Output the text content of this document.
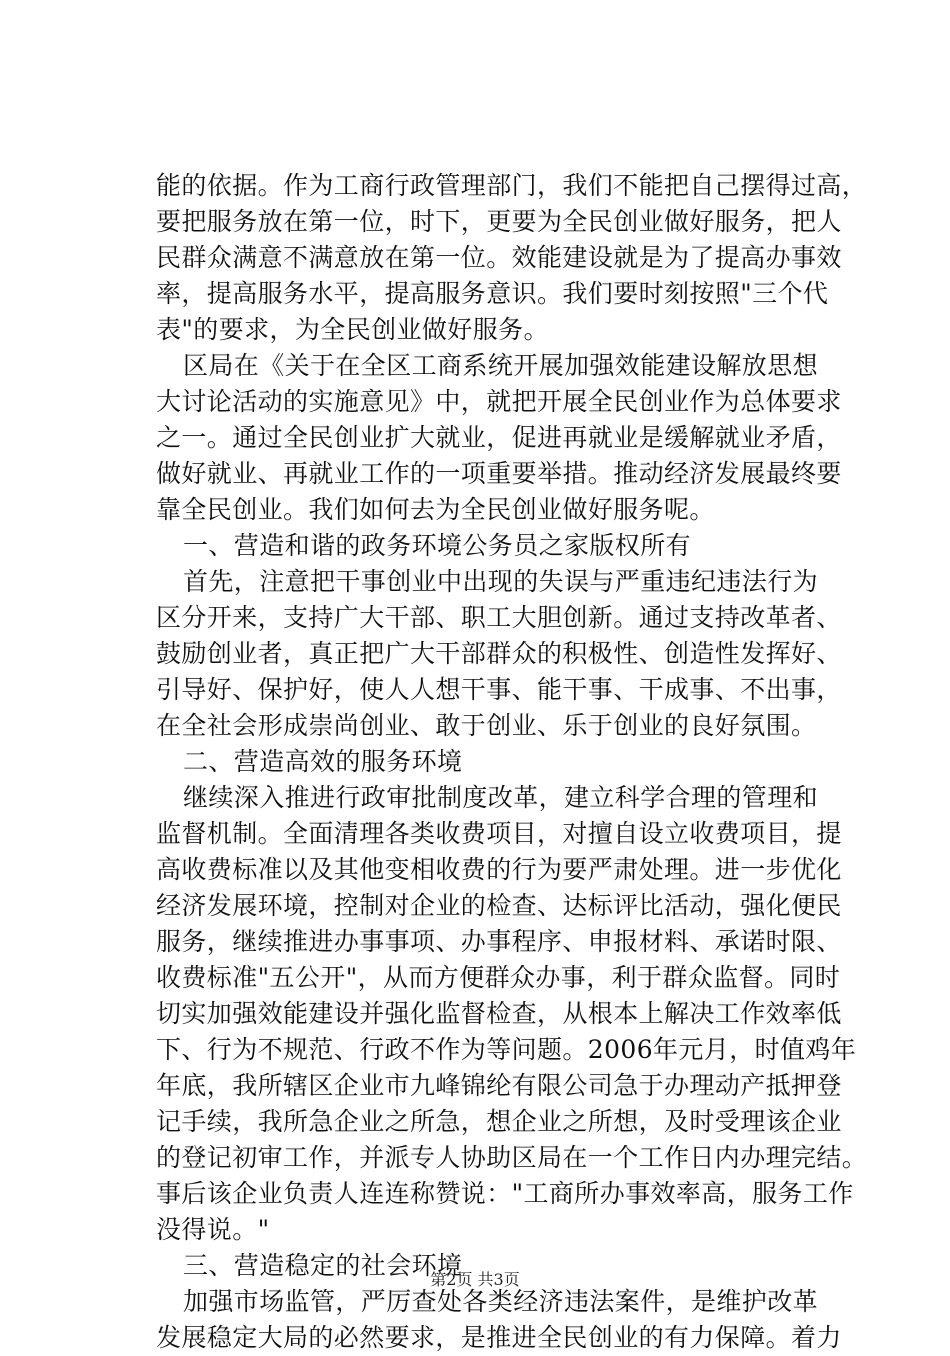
能的依据。作为工商行政管理部门，我们不能把自己摆得过高，
要把服务放在第一位，时下，更要为全民创业做好服务，把人
民群众满意不满意放在第一位。效能建设就是为了提高办事效
率，提高服务水平，提高服务意识。我们要时刻按照"三个代
表"的要求，为全民创业做好服务。
区局在《关于在全区工商系统开展加强效能建设解放思想
大讨论活动的实施意见》中，就把开展全民创业作为总体要求
之一。通过全民创业扩大就业，促进再就业是缓解就业矛盾，
做好就业、再就业工作的一项重要举措。推动经济发展最终要
靠全民创业。我们如何去为全民创业做好服务呢。
一、营造和谐的政务环境公务员之家版权所有
首先，注意把干事创业中出现的失误与严重违纪违法行为
区分开来，支持广大干部、职工大胆创新。通过支持改革者、
鼓励创业者，真正把广大干部群众的积极性、创造性发挥好、
引导好、保护好，使人人想干事、能干事、干成事、不出事，
在全社会形成崇尚创业、敢于创业、乐于创业的良好氛围。
二、营造高效的服务环境
继续深入推进行政审批制度改革，建立科学合理的管理和
监督机制。全面清理各类收费项目，对擅自设立收费项目，提
高收费标准以及其他变相收费的行为要严肃处理。进一步优化
经济发展环境，控制对企业的检查、达标评比活动，强化便民
服务，继续推进办事事项、办事程序、申报材料、承诺时限、
收费标准"五公开"，从而方便群众办事，利于群众监督。同时
切实加强效能建设并强化监督检查，从根本上解决工作效率低
下、行为不规范、行政不作为等问题。2006年元月，时值鸡年
年底，我所辖区企业市九峰锦纶有限公司急于办理动产抵押登
记手续，我所急企业之所急，想企业之所想，及时受理该企业
的登记初审工作，并派专人协助区局在一个工作日内办理完结。
事后该企业负责人连连称赞说："工商所办事效率高，服务工作
没得说。"
三、营造稳定的社会环境
加强市场监管，严厉查处各类经济违法案件，是维护改革
发展稳定大局的必然要求，是推进全民创业的有力保障。着力
第2页 共3页
